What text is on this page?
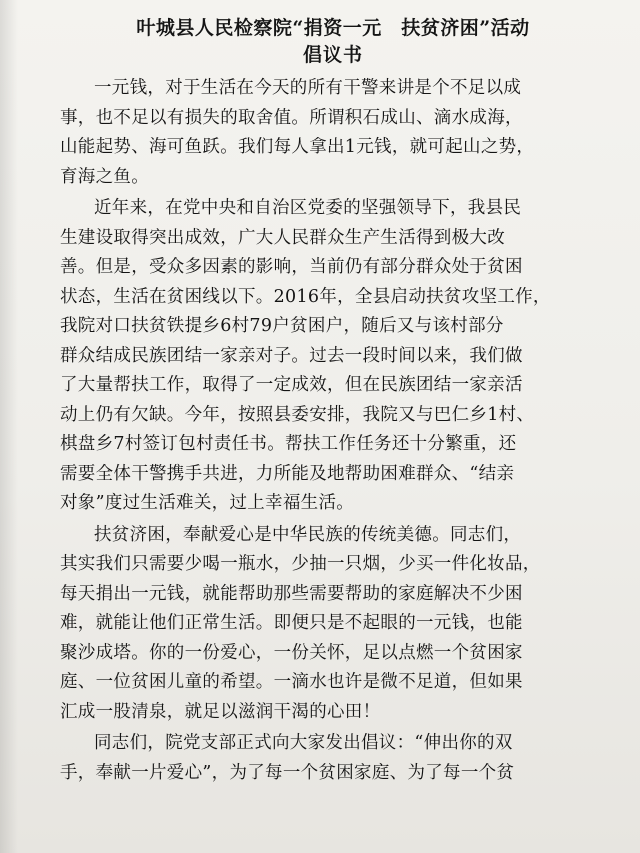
叶城县人民检察院“捐资一元　扶贫济困”活动
倡议书

一元钱，对于生活在今天的所有干警来讲是个不足以成
事，也不足以有损失的取舍值。所谓积石成山、滴水成海，
山能起势、海可鱼跃。我们每人拿出1元钱，就可起山之势，
育海之鱼。

近年来，在党中央和自治区党委的坚强领导下，我县民
生建设取得突出成效，广大人民群众生产生活得到极大改
善。但是，受众多因素的影响，当前仍有部分群众处于贫困
状态，生活在贫困线以下。2016年，全县启动扶贫攻坚工作，
我院对口扶贫铁提乡6村79户贫困户，随后又与该村部分
群众结成民族团结一家亲对子。过去一段时间以来，我们做
了大量帮扶工作，取得了一定成效，但在民族团结一家亲活
动上仍有欠缺。今年，按照县委安排，我院又与巴仁乡1村、
棋盘乡7村签订包村责任书。帮扶工作任务还十分繁重，还
需要全体干警携手共进，力所能及地帮助困难群众、“结亲
对象”度过生活难关，过上幸福生活。

扶贫济困，奉献爱心是中华民族的传统美德。同志们，
其实我们只需要少喝一瓶水，少抽一只烟，少买一件化妆品，
每天捐出一元钱，就能帮助那些需要帮助的家庭解决不少困
难，就能让他们正常生活。即便只是不起眼的一元钱，也能
聚沙成塔。你的一份爱心，一份关怀，足以点燃一个贫困家
庭、一位贫困儿童的希望。一滴水也许是微不足道，但如果
汇成一股清泉，就足以滋润干渴的心田！

同志们，院党支部正式向大家发出倡议：“伸出你的双
手，奉献一片爱心”，为了每一个贫困家庭、为了每一个贫
